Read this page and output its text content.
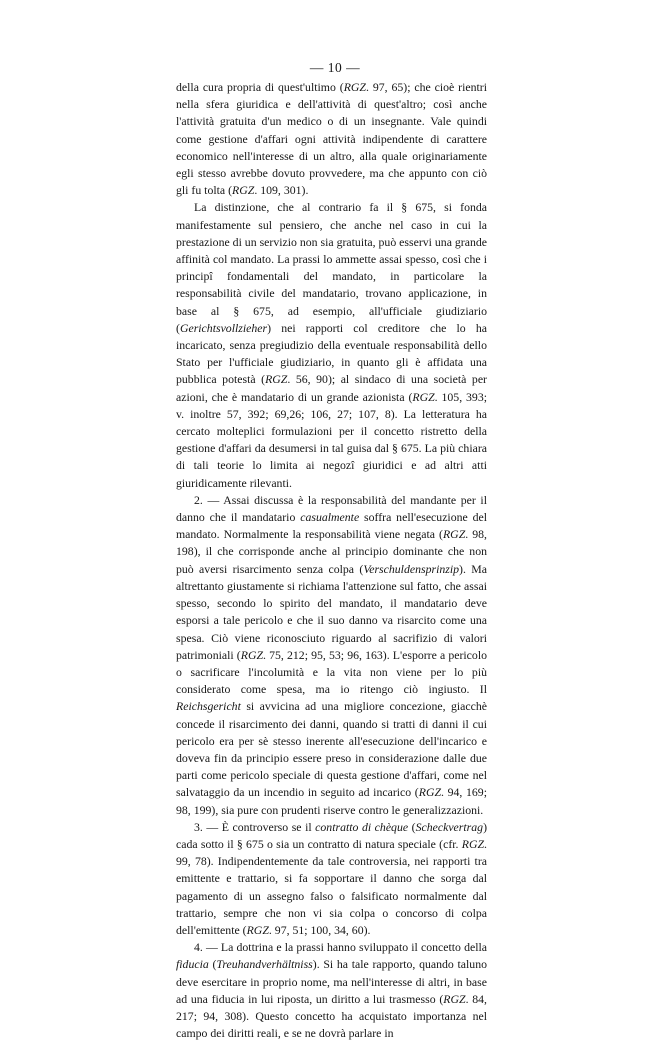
— 10 —

della cura propria di quest'ultimo (RGZ. 97, 65); che cioè rientri nella sfera giuridica e dell'attività di quest'altro; così anche l'attività gratuita d'un medico o di un insegnante. Vale quindi come gestione d'affari ogni attività indipendente di carattere economico nell'interesse di un altro, alla quale originariamente egli stesso avrebbe dovuto provvedere, ma che appunto con ciò gli fu tolta (RGZ. 109, 301).

La distinzione, che al contrario fa il § 675, si fonda manifestamente sul pensiero, che anche nel caso in cui la prestazione di un servizio non sia gratuita, può esservi una grande affinità col mandato. La prassi lo ammette assai spesso, così che i principî fondamentali del mandato, in particolare la responsabilità civile del mandatario, trovano applicazione, in base al § 675, ad esempio, all'ufficiale giudiziario (Gerichtsvollzieher) nei rapporti col creditore che lo ha incaricato, senza pregiudizio della eventuale responsabilità dello Stato per l'ufficiale giudiziario, in quanto gli è affidata una pubblica potestà (RGZ. 56, 90); al sindaco di una società per azioni, che è mandatario di un grande azionista (RGZ. 105, 393; v. inoltre 57, 392; 69,26; 106, 27; 107, 8). La letteratura ha cercato molteplici formulazioni per il concetto ristretto della gestione d'affari da desumersi in tal guisa dal § 675. La più chiara di tali teorie lo limita ai negozî giuridici e ad altri atti giuridicamente rilevanti.

2. — Assai discussa è la responsabilità del mandante per il danno che il mandatario casualmente soffra nell'esecuzione del mandato. Normalmente la responsabilità viene negata (RGZ. 98, 198), il che corrisponde anche al principio dominante che non può aversi risarcimento senza colpa (Verschuldensprinzip). Ma altrettanto giustamente si richiama l'attenzione sul fatto, che assai spesso, secondo lo spirito del mandato, il mandatario deve esporsi a tale pericolo e che il suo danno va risarcito come una spesa. Ciò viene riconosciuto riguardo al sacrifizio di valori patrimoniali (RGZ. 75, 212; 95, 53; 96, 163). L'esporre a pericolo o sacrificare l'incolumità e la vita non viene per lo più considerato come spesa, ma io ritengo ciò ingiusto. Il Reichsgericht si avvicina ad una migliore concezione, giacchè concede il risarcimento dei danni, quando si tratti di danni il cui pericolo era per sè stesso inerente all'esecuzione dell'incarico e doveva fin da principio essere preso in considerazione dalle due parti come pericolo speciale di questa gestione d'affari, come nel salvataggio da un incendio in seguito ad incarico (RGZ. 94, 169; 98, 199), sia pure con prudenti riserve contro le generalizzazioni.

3. — È controverso se il contratto di chèque (Scheckvertrag) cada sotto il § 675 o sia un contratto di natura speciale (cfr. RGZ. 99, 78). Indipendentemente da tale controversia, nei rapporti tra emittente e trattario, si fa sopportare il danno che sorga dal pagamento di un assegno falso o falsificato normalmente dal trattario, sempre che non vi sia colpa o concorso di colpa dell'emittente (RGZ. 97, 51; 100, 34, 60).

4. — La dottrina e la prassi hanno sviluppato il concetto della fiducia (Treuhandverhältniss). Si ha tale rapporto, quando taluno deve esercitare in proprio nome, ma nell'interesse di altri, in base ad una fiducia in lui riposta, un diritto a lui trasmesso (RGZ. 84, 217; 94, 308). Questo concetto ha acquistato importanza nel campo dei diritti reali, e se ne dovrà parlare in
